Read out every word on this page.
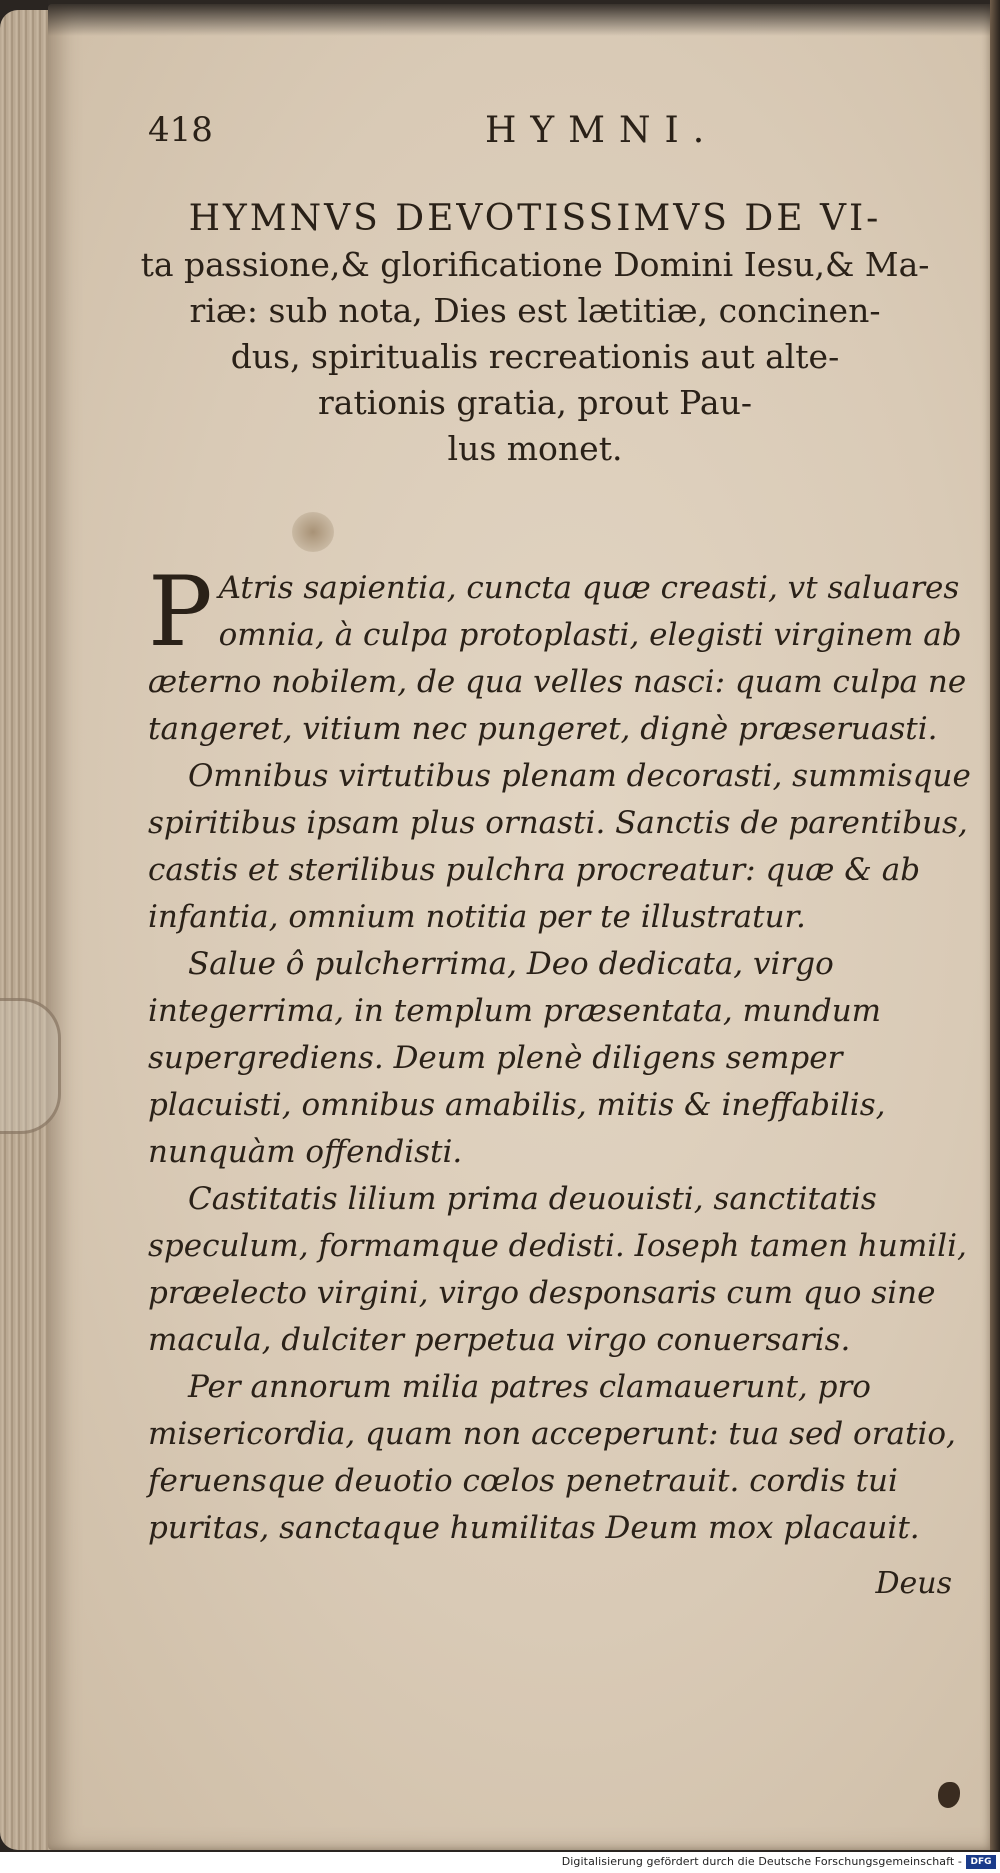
418	HYMNI.
HYMNVS DEVOTISSIMVS DE VI-
ta passione,& glorificatione Domini Iesu,& Ma-
riæ: sub nota, Dies est lætitiæ, concinen-
dus, spiritualis recreationis aut alte-
rationis gratia, prout Pau-
lus monet.

P Atris sapientia, cuncta quæ creasti, vt saluares omnia, à culpa protoplasti, elegisti virginem ab æterno nobilem, de qua velles nasci: quam culpa ne tangeret, vitium nec pungeret, dignè præseruasti.

Omnibus virtutibus plenam decorasti, summisque spiritibus ipsam plus ornasti. Sanctis de parentibus, castis et sterilibus pulchra procreatur: quæ & ab infantia, omnium notitia per te illustratur.

Salue ô pulcherrima, Deo dedicata, virgo integerrima, in templum præsentata, mundum supergrediens. Deum plenè diligens semper placuisti, omnibus amabilis, mitis & ineffabilis, nunquàm offendisti.

Castitatis lilium prima deuouisti, sanctitatis speculum, formamque dedisti. Ioseph tamen humili, præelecto virgini, virgo desponsaris cum quo sine macula, dulciter perpetua virgo conuersaris.

Per annorum milia patres clamauerunt, pro misericordia, quam non acceperunt: tua sed oratio, feruensque deuotio cœlos penetrauit. cordis tui puritas, sanctaque humilitas Deum mox placauit.

Deus
Digitalisierung gefördert durch die Deutsche Forschungsgemeinschaft - DFG
